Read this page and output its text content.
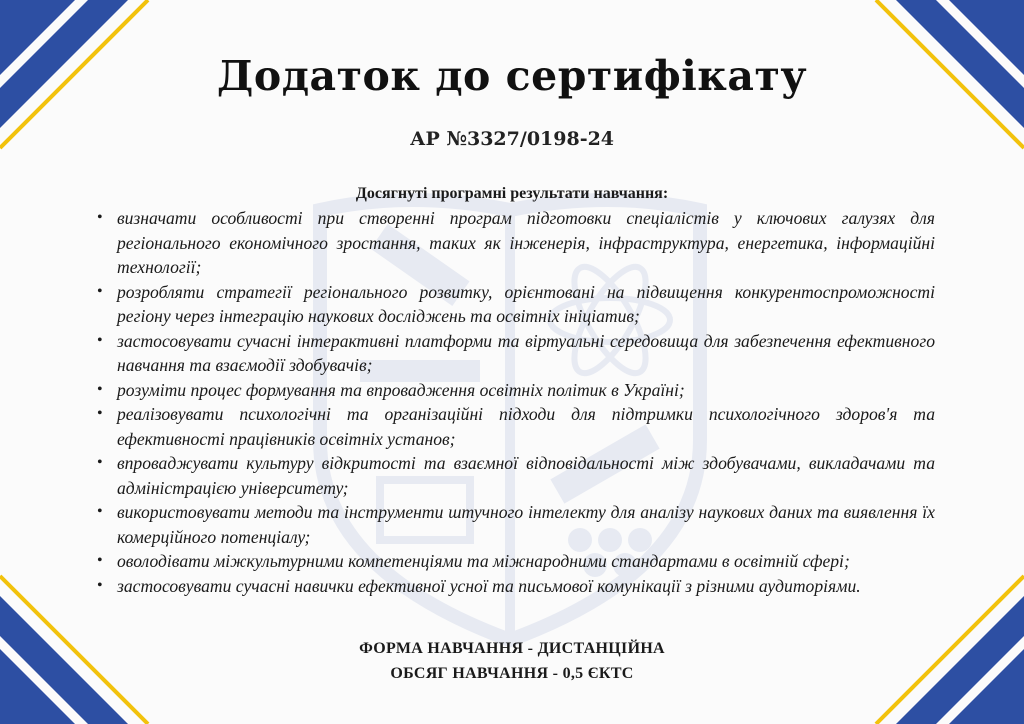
Додаток до сертифікату
АР №3327/0198-24
Досягнуті програмні результати навчання:
• визначати особливості при створенні програм підготовки спеціалістів у ключових галузях для регіонального економічного зростання, таких як інженерія, інфраструктура, енергетика, інформаційні технології;
• розробляти стратегії регіонального розвитку, орієнтовані на підвищення конкурентоспроможності регіону через інтеграцію наукових досліджень та освітніх ініціатив;
• застосовувати сучасні інтерактивні платформи та віртуальні середовища для забезпечення ефективного навчання та взаємодії здобувачів;
• розуміти процес формування та впровадження освітніх політик в Україні;
• реалізовувати психологічні та організаційні підходи для підтримки психологічного здоров'я та ефективності працівників освітніх установ;
• впроваджувати культуру відкритості та взаємної відповідальності між здобувачами, викладачами та адміністрацією університету;
• використовувати методи та інструменти штучного інтелекту для аналізу наукових даних та виявлення їх комерційного потенціалу;
• оволодівати міжкультурними компетенціями та міжнародними стандартами в освітній сфері;
• застосовувати сучасні навички ефективної усної та письмової комунікації з різними аудиторіями.
ФОРМА НАВЧАННЯ - ДИСТАНЦІЙНА
ОБСЯГ НАВЧАННЯ - 0,5 ЄКТС
